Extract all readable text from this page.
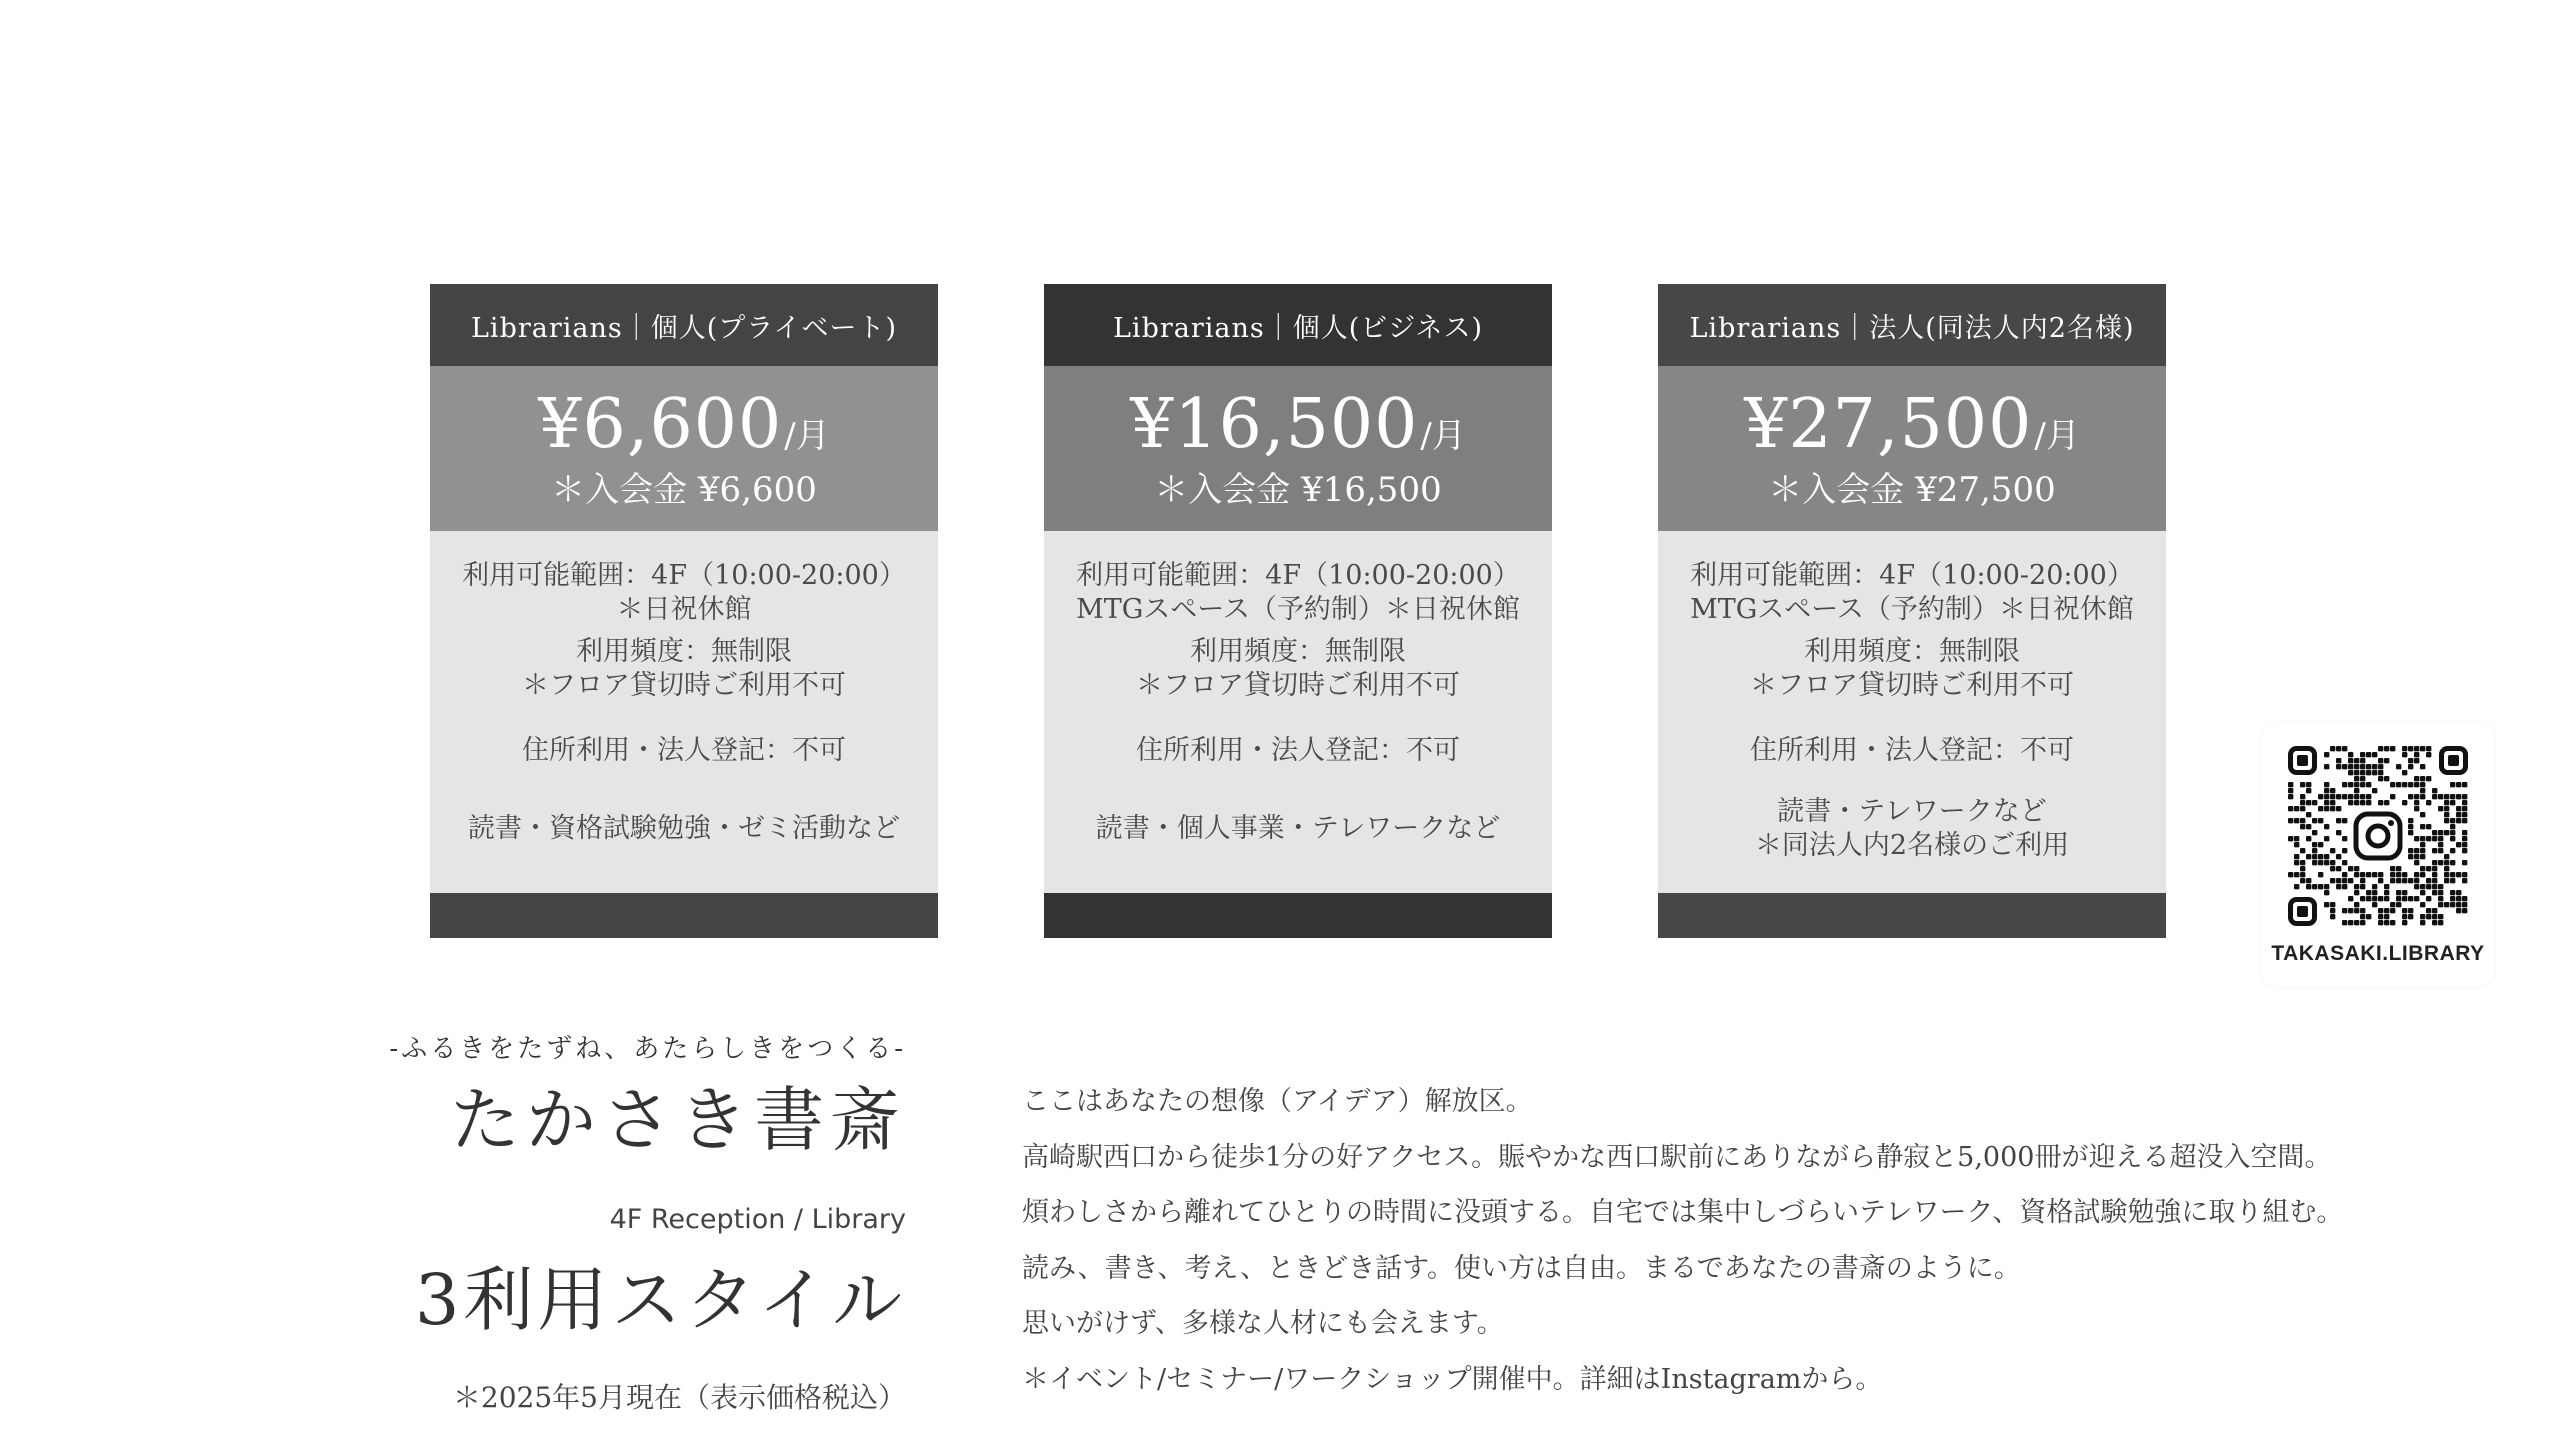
Librarians｜個人(プライベート)
¥6,600 /月
＊入会金 ¥6,600
利用可能範囲：4F（10:00-20:00）
＊日祝休館
利用頻度：無制限
＊フロア貸切時ご利用不可
住所利用・法人登記：不可
読書・資格試験勉強・ゼミ活動など
Librarians｜個人(ビジネス)
¥16,500 /月
＊入会金 ¥16,500
利用可能範囲：4F（10:00-20:00）
MTGスペース（予約制）＊日祝休館
利用頻度：無制限
＊フロア貸切時ご利用不可
住所利用・法人登記：不可
読書・個人事業・テレワークなど
Librarians｜法人(同法人内2名様)
¥27,500 /月
＊入会金 ¥27,500
利用可能範囲：4F（10:00-20:00）
MTGスペース（予約制）＊日祝休館
利用頻度：無制限
＊フロア貸切時ご利用不可
住所利用・法人登記：不可
読書・テレワークなど
＊同法人内2名様のご利用
TAKASAKI.LIBRARY
-ふるきをたずね、あたらしきをつくる-
たかさき書斎
4F Reception / Library
3利用スタイル
＊2025年5月現在（表示価格税込）
ここはあなたの想像（アイデア）解放区。
高崎駅西口から徒歩1分の好アクセス。賑やかな西口駅前にありながら静寂と5,000冊が迎える超没入空間。
煩わしさから離れてひとりの時間に没頭する。自宅では集中しづらいテレワーク、資格試験勉強に取り組む。
読み、書き、考え、ときどき話す。使い方は自由。まるであなたの書斎のように。
思いがけず、多様な人材にも会えます。
＊イベント/セミナー/ワークショップ開催中。詳細はInstagramから。
